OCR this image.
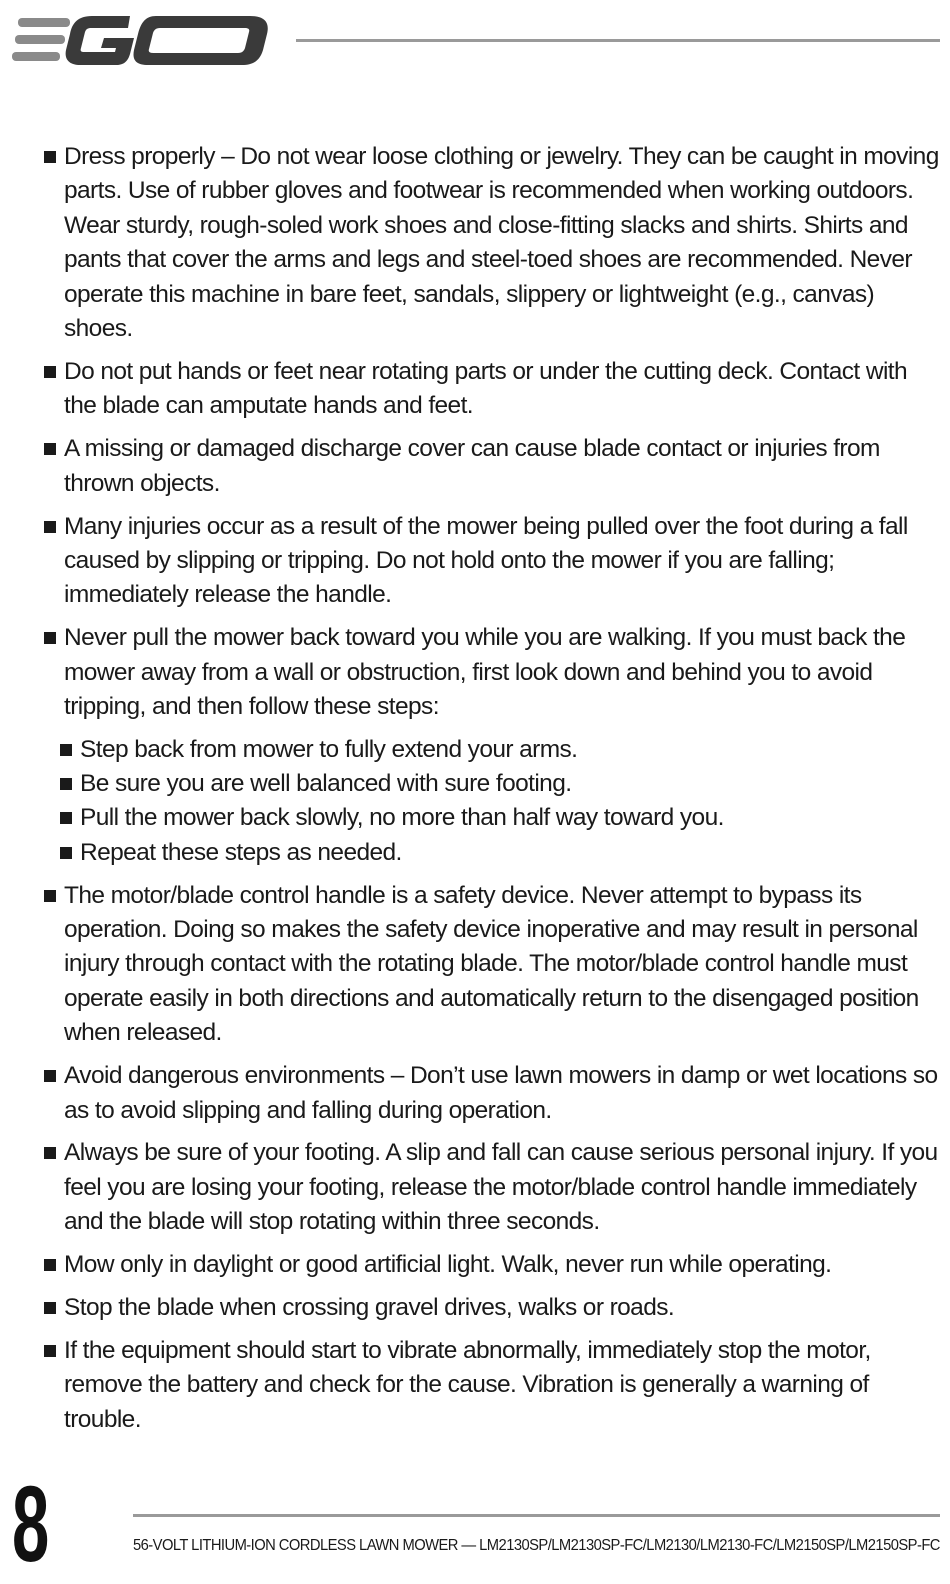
Dress properly – Do not wear loose clothing or jewelry. They can be caught in moving parts. Use of rubber gloves and footwear is recommended when working outdoors. Wear sturdy, rough-soled work shoes and close-fitting slacks and shirts. Shirts and pants that cover the arms and legs and steel-toed shoes are recommended. Never operate this machine in bare feet, sandals, slippery or lightweight (e.g., canvas) shoes.
Do not put hands or feet near rotating parts or under the cutting deck. Contact with the blade can amputate hands and feet.
A missing or damaged discharge cover can cause blade contact or injuries from thrown objects.
Many injuries occur as a result of the mower being pulled over the foot during a fall caused by slipping or tripping. Do not hold onto the mower if you are falling; immediately release the handle.
Never pull the mower back toward you while you are walking. If you must back the mower away from a wall or obstruction, first look down and behind you to avoid tripping, and then follow these steps:
Step back from mower to fully extend your arms.
Be sure you are well balanced with sure footing.
Pull the mower back slowly, no more than half way toward you.
Repeat these steps as needed.
The motor/blade control handle is a safety device. Never attempt to bypass its operation. Doing so makes the safety device inoperative and may result in personal injury through contact with the rotating blade. The motor/blade control handle must operate easily in both directions and automatically return to the disengaged position when released.
Avoid dangerous environments – Don’t use lawn mowers in damp or wet locations so as to avoid slipping and falling during operation.
Always be sure of your footing. A slip and fall can cause serious personal injury. If you feel you are losing your footing, release the motor/blade control handle immediately and the blade will stop rotating within three seconds.
Mow only in daylight or good artificial light. Walk, never run while operating.
Stop the blade when crossing gravel drives, walks or roads.
If the equipment should start to vibrate abnormally, immediately stop the motor, remove the battery and check for the cause. Vibration is generally a warning of trouble.
8	56-VOLT LITHIUM-ION CORDLESS LAWN MOWER — LM2130SP/LM2130SP-FC/LM2130/LM2130-FC/LM2150SP/LM2150SP-FC
